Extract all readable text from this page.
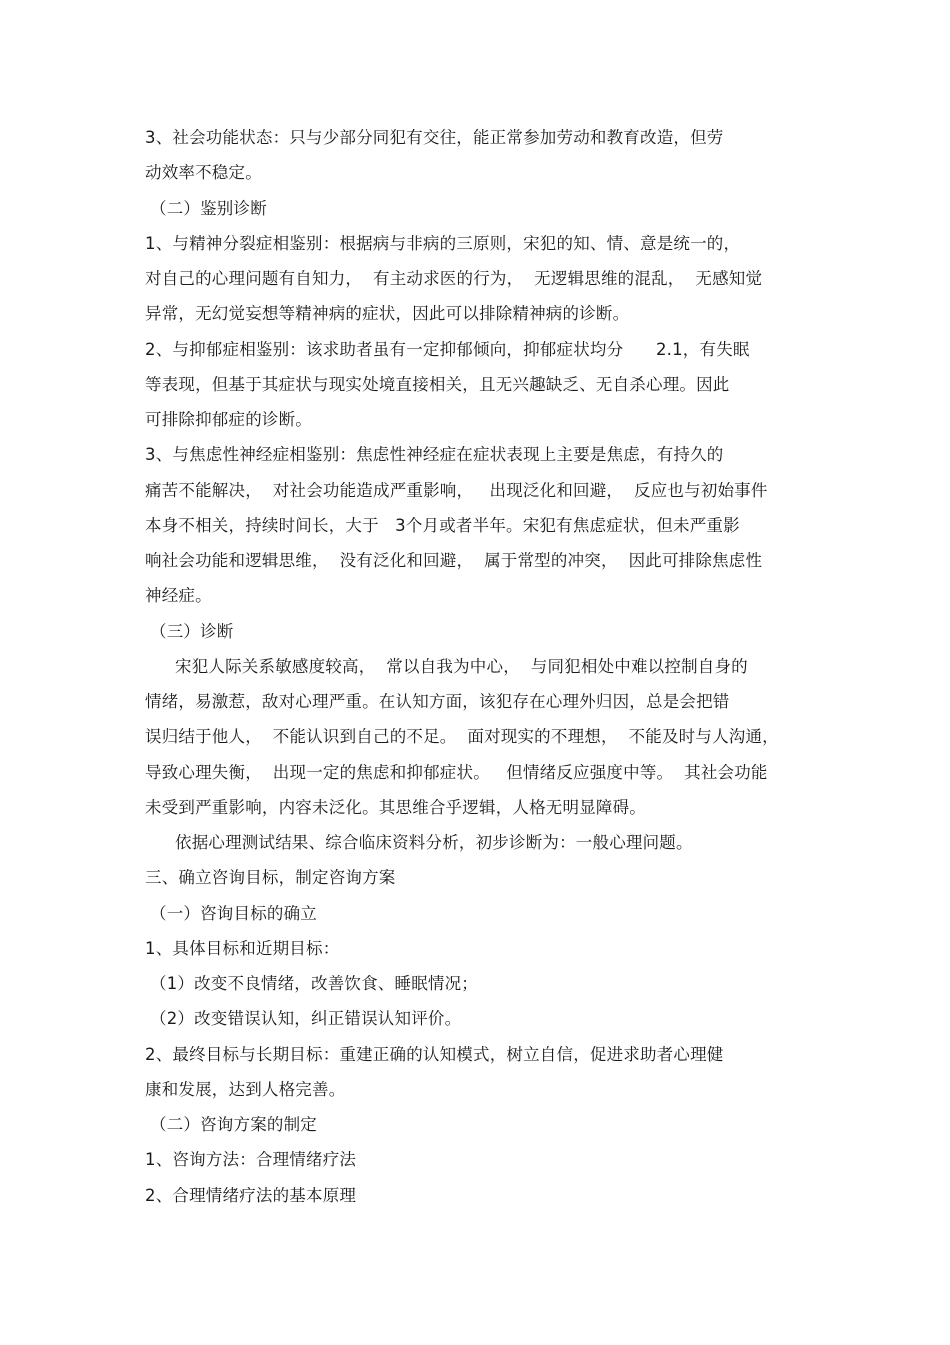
3、社会功能状态：只与少部分同犯有交往，能正常参加劳动和教育改造，但劳
动效率不稳定。
（二）鉴别诊断
1、与精神分裂症相鉴别：根据病与非病的三原则，宋犯的知、情、意是统一的，
对自己的心理问题有自知力，  有主动求医的行为，  无逻辑思维的混乱，  无感知觉
异常，无幻觉妄想等精神病的症状，因此可以排除精神病的诊断。
2、与抑郁症相鉴别：该求助者虽有一定抑郁倾向，抑郁症状均分      2.1，有失眠
等表现，但基于其症状与现实处境直接相关，且无兴趣缺乏、无自杀心理。因此
可排除抑郁症的诊断。
3、与焦虑性神经症相鉴别：焦虑性神经症在症状表现上主要是焦虑，有持久的
痛苦不能解决，  对社会功能造成严重影响，   出现泛化和回避，  反应也与初始事件
本身不相关，持续时间长，大于   3个月或者半年。宋犯有焦虑症状，但未严重影
响社会功能和逻辑思维，  没有泛化和回避，  属于常型的冲突，  因此可排除焦虑性
神经症。
（三）诊断
宋犯人际关系敏感度较高，  常以自我为中心，  与同犯相处中难以控制自身的
情绪，易激惹，敌对心理严重。在认知方面，该犯存在心理外归因，总是会把错
误归结于他人，  不能认识到自己的不足。  面对现实的不理想，  不能及时与人沟通，
导致心理失衡，  出现一定的焦虑和抑郁症状。   但情绪反应强度中等。  其社会功能
未受到严重影响，内容未泛化。其思维合乎逻辑，人格无明显障碍。
依据心理测试结果、综合临床资料分析，初步诊断为：一般心理问题。
三、确立咨询目标，制定咨询方案
（一）咨询目标的确立
1、具体目标和近期目标：
（1）改变不良情绪，改善饮食、睡眠情况；
（2）改变错误认知，纠正错误认知评价。
2、最终目标与长期目标：重建正确的认知模式，树立自信，促进求助者心理健
康和发展，达到人格完善。
（二）咨询方案的制定
1、咨询方法：合理情绪疗法
2、合理情绪疗法的基本原理
